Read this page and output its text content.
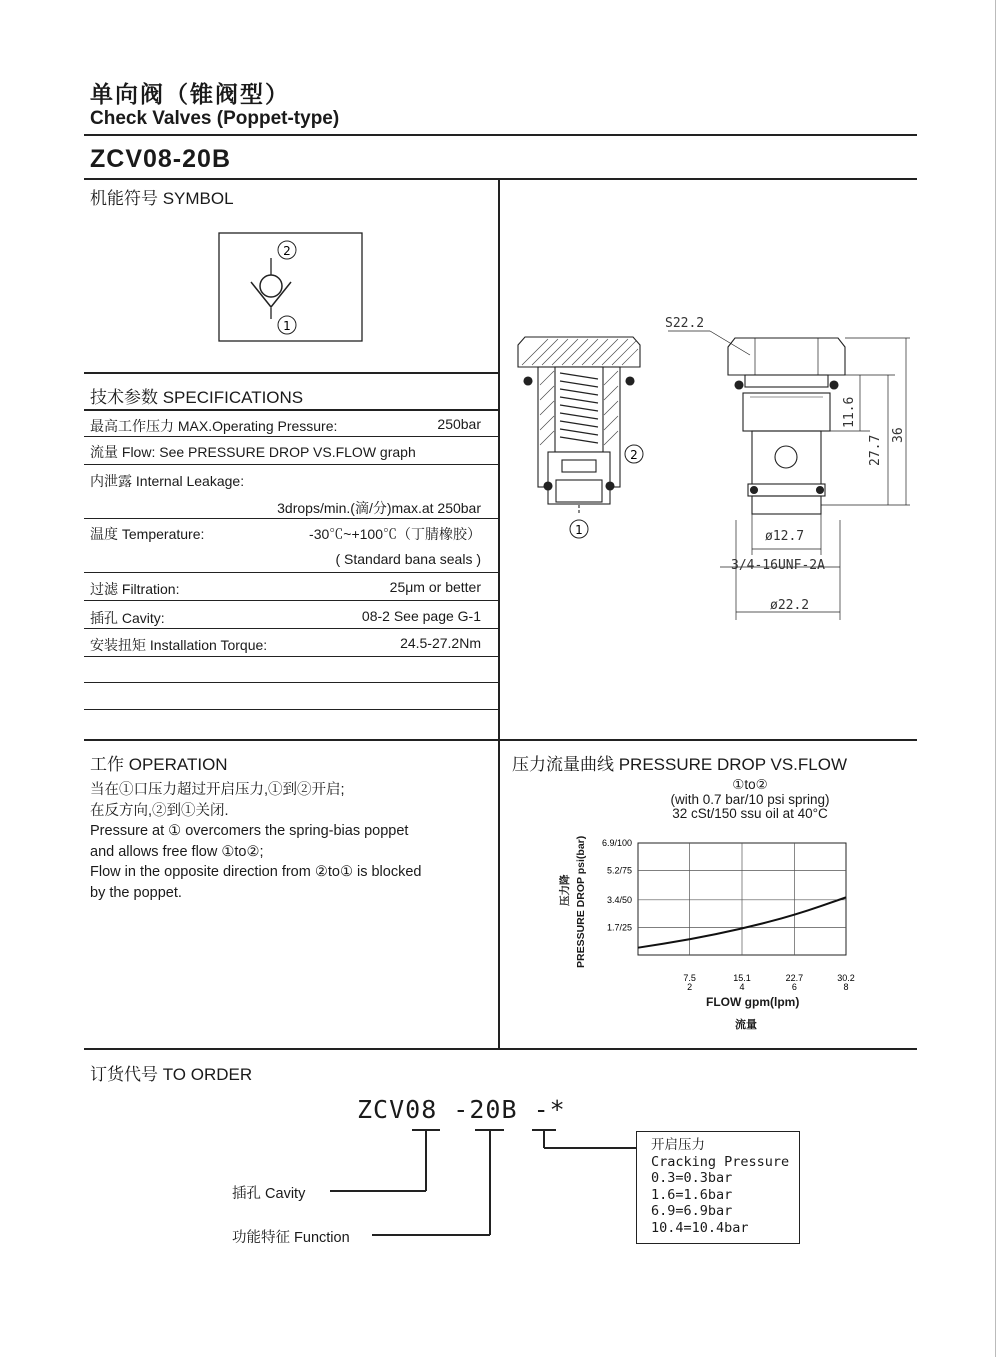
单向阀（锥阀型）
Check Valves (Poppet-type)
ZCV08-20B
机能符号 SYMBOL
2
1
技术参数 SPECIFICATIONS
最高工作压力 MAX.Operating Pressure:	250bar
流量 Flow: See PRESSURE DROP VS.FLOW graph
内泄露 Internal Leakage:
3drops/min.(滴/分)max.at 250bar
温度 Temperature:	-30℃~+100℃（丁腈橡胶）
( Standard bana seals )
过滤 Filtration:	25μm or better
插孔 Cavity:	08-2 See page G-1
安装扭矩 Installation Torque:	24.5-27.2Nm
2
1
S22.2
11.6
27.7 36
ø12.7
3/4-16UNF-2A
ø22.2
工作 OPERATION
当在①口压力超过开启压力,①到②开启;
在反方向,②到①关闭.
Pressure at ① overcomers the spring-bias poppet
and allows free flow ①to②;
Flow in the opposite direction from ②to① is blocked
by the poppet.
压力流量曲线 PRESSURE DROP VS.FLOW
①to②
(with 0.7 bar/10 psi spring)
32 cSt/150 ssu oil at 40°C
压力降 PRESSURE DROP psi(bar) 1.7/25
3.4/50
5.2/75
6.9/100
7.5
2
15.1
4
22.7
6
30.2
8
FLOW gpm(lpm)
流量
订货代号 TO ORDER
ZCV08 -20B -*
插孔 Cavity
功能特征 Function
开启压力
Cracking Pressure
0.3=0.3bar
1.6=1.6bar
6.9=6.9bar
10.4=10.4bar
